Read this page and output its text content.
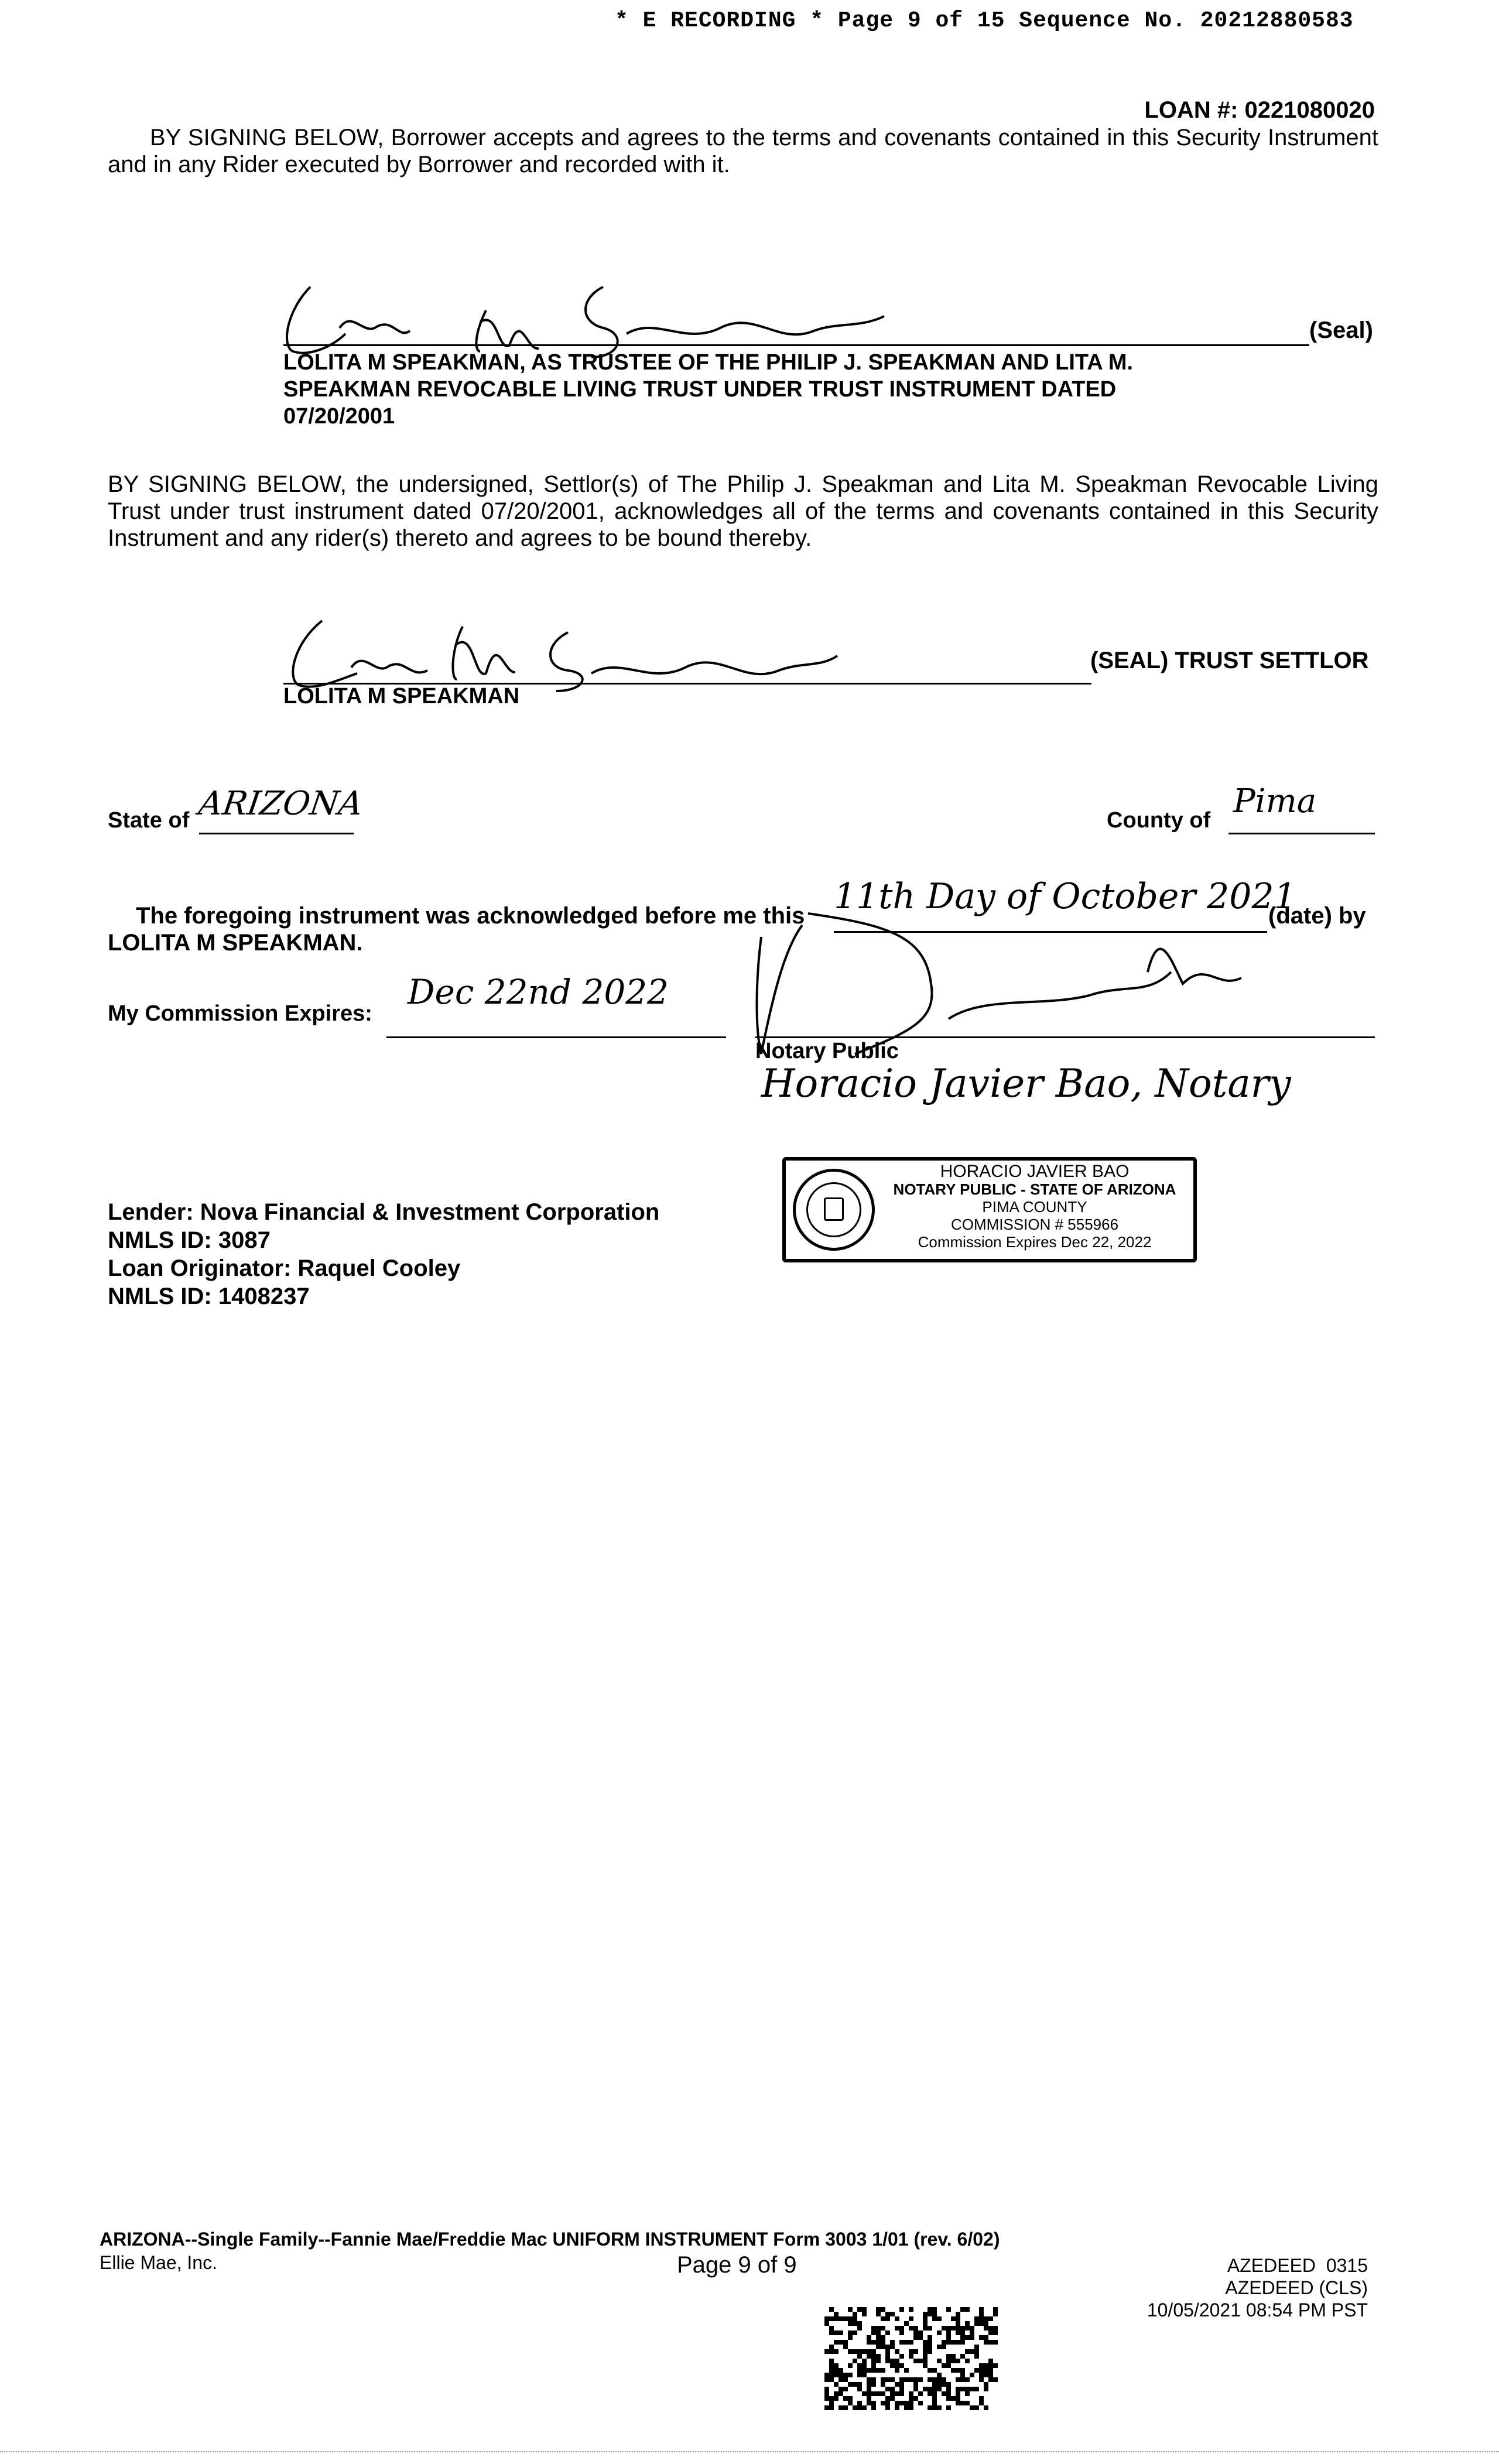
* E RECORDING * Page 9 of 15 Sequence No. 20212880583
LOAN #: 0221080020
BY SIGNING BELOW, Borrower accepts and agrees to the terms and covenants contained in this Security Instrument and in any Rider executed by Borrower and recorded with it.
(Seal)
LOLITA M SPEAKMAN, AS TRUSTEE OF THE PHILIP J. SPEAKMAN AND LITA M.
SPEAKMAN REVOCABLE LIVING TRUST UNDER TRUST INSTRUMENT DATED
07/20/2001
BY SIGNING BELOW, the undersigned, Settlor(s) of The Philip J. Speakman and Lita M. Speakman Revocable Living Trust under trust instrument dated 07/20/2001, acknowledges all of the terms and covenants contained in this Security Instrument and any rider(s) thereto and agrees to be bound thereby.
(SEAL) TRUST SETTLOR
LOLITA M SPEAKMAN
State of ARIZONA	County of Pima
The foregoing instrument was acknowledged before me this 11th Day of October 2021
(date) by
LOLITA M SPEAKMAN.
My Commission Expires:
Dec 22nd 2022
Notary Public
Horacio Javier Bao, Notary
HORACIO JAVIER BAO
NOTARY PUBLIC - STATE OF ARIZONA
PIMA COUNTY
COMMISSION # 555966
Commission Expires Dec 22, 2022
Lender: Nova Financial & Investment Corporation
NMLS ID: 3087
Loan Originator: Raquel Cooley
NMLS ID: 1408237
ARIZONA--Single Family--Fannie Mae/Freddie Mac UNIFORM INSTRUMENT Form 3003 1/01 (rev. 6/02)
Ellie Mae, Inc.	Page 9 of 9	AZEDEED  0315
AZEDEED (CLS)
10/05/2021 08:54 PM PST
